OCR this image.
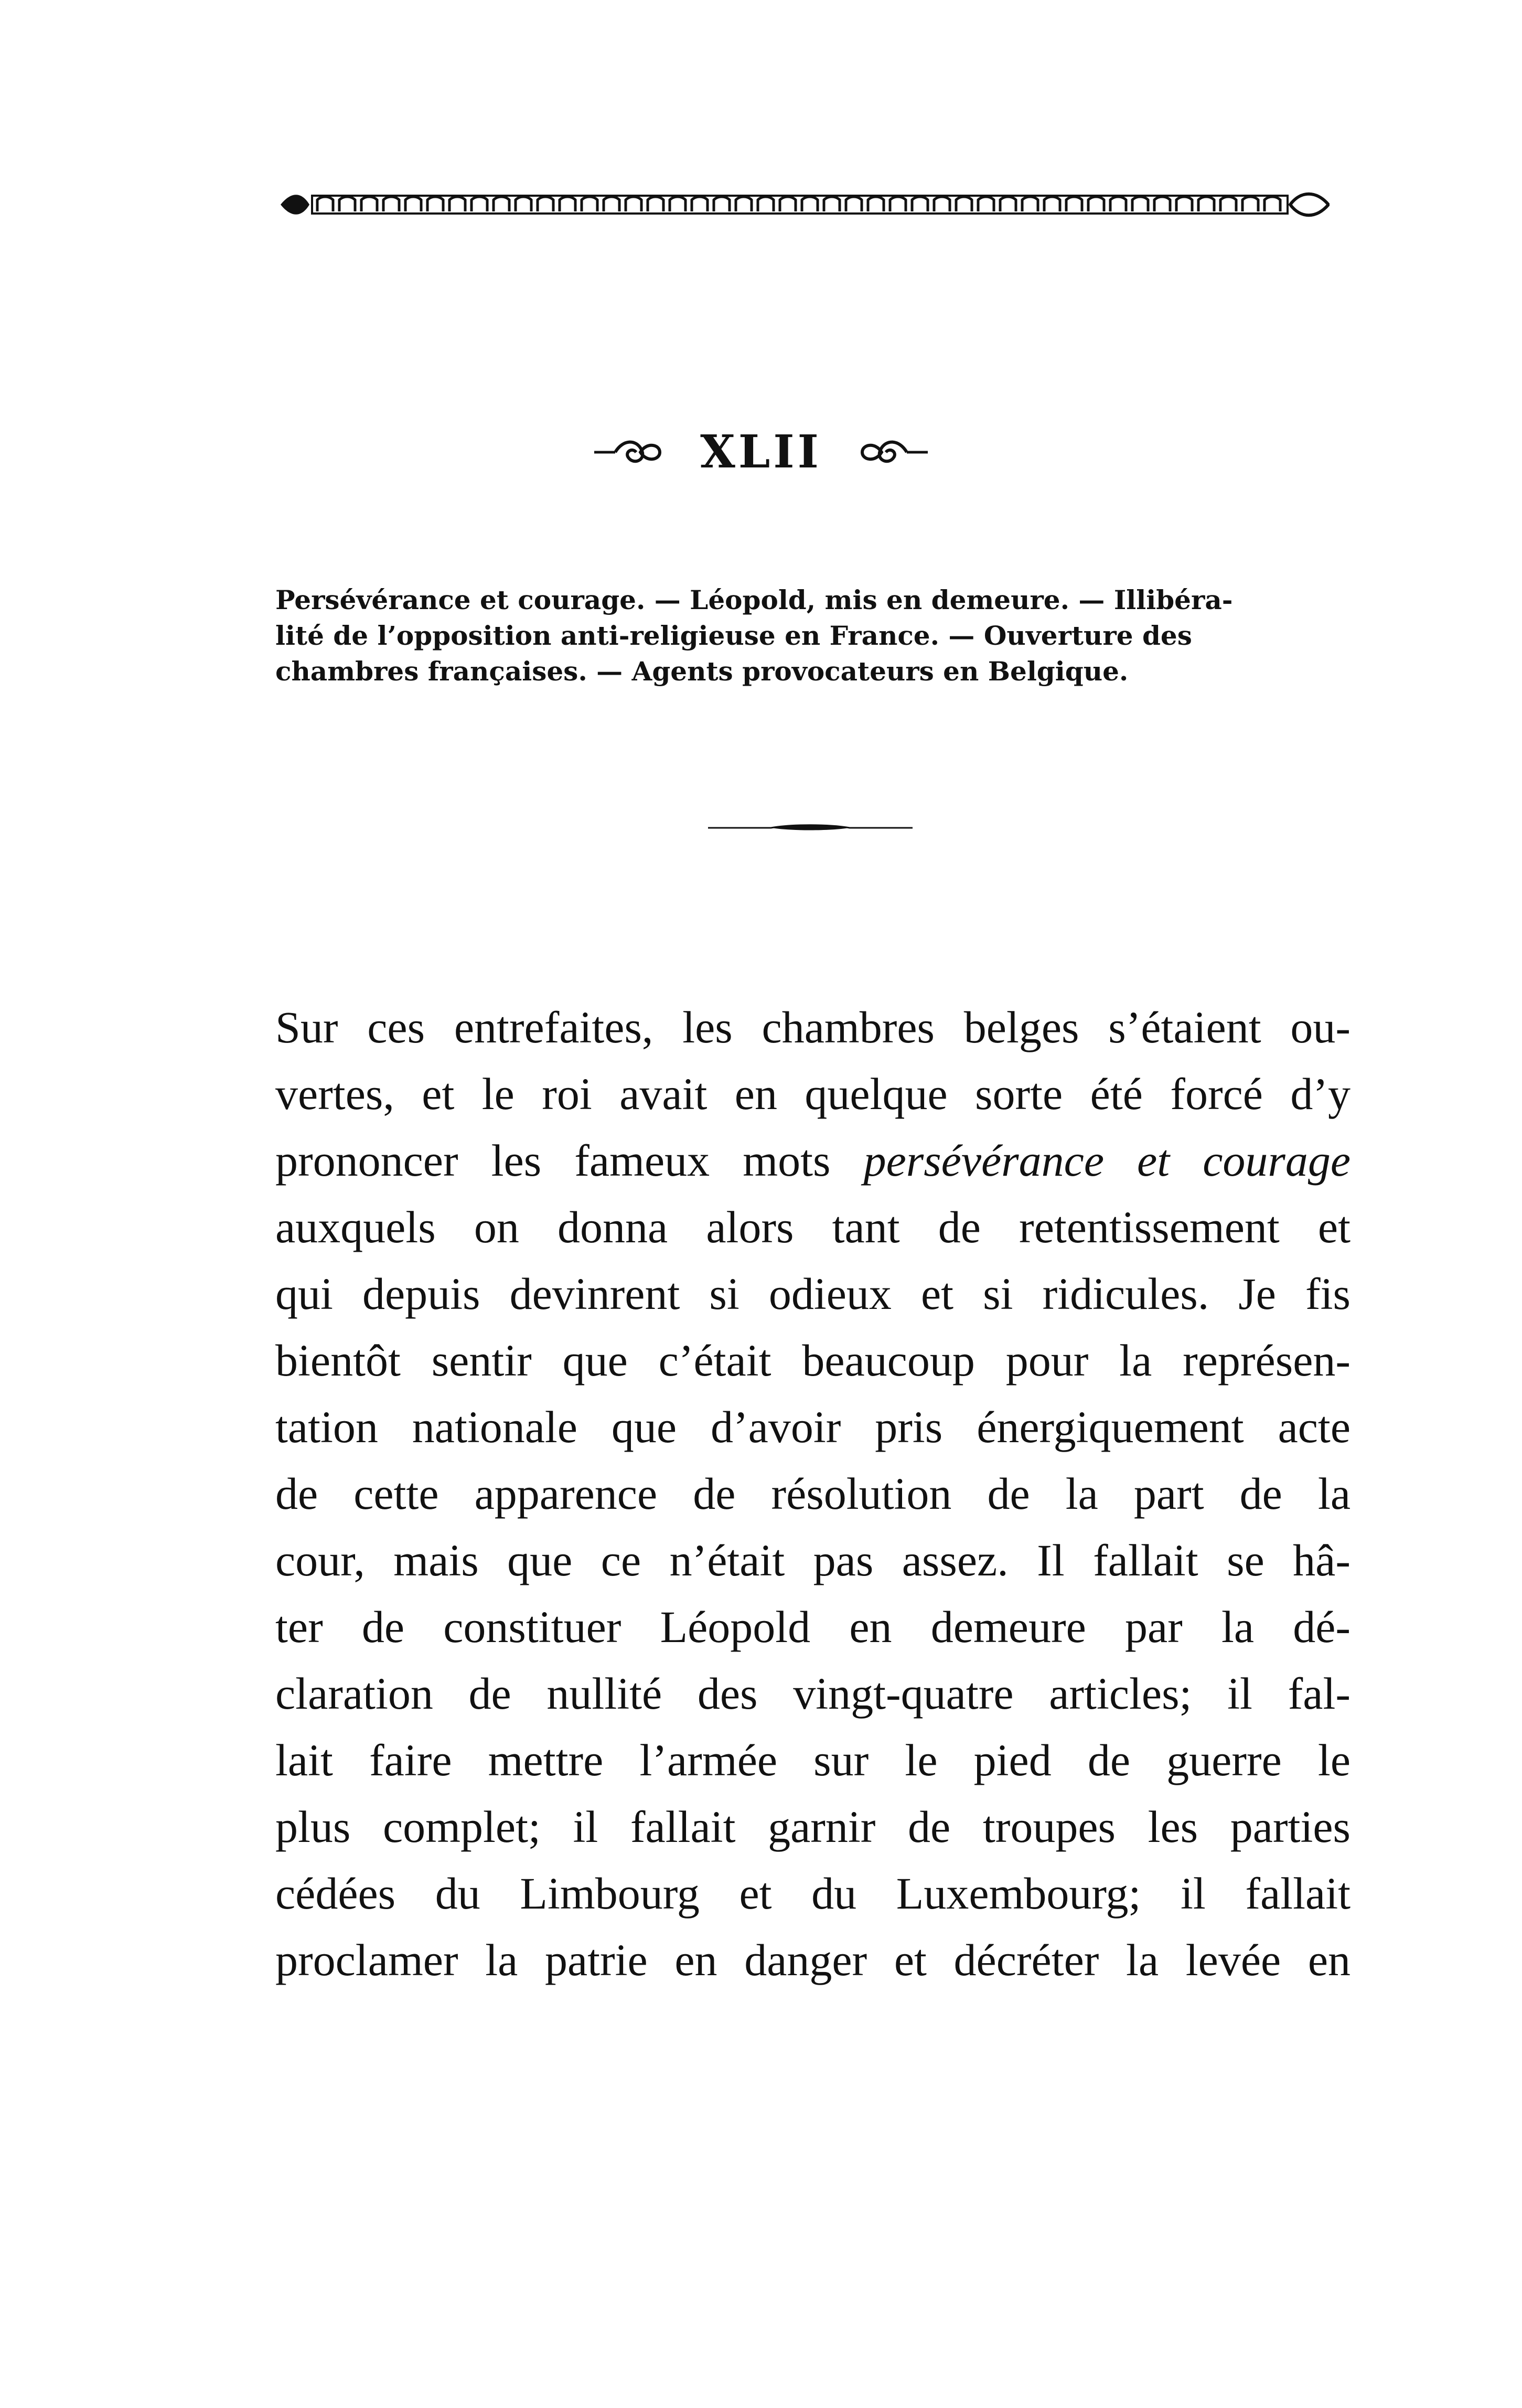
XLII
Persévérance et courage. — Léopold, mis en demeure. — Illibéra-
lité de l’opposition anti-religieuse en France. — Ouverture des
chambres françaises. — Agents provocateurs en Belgique.
Sur ces entrefaites, les chambres belges s’étaient ou-
vertes, et le roi avait en quelque sorte été forcé d’y
prononcer les fameux mots persévérance et courage
auxquels on donna alors tant de retentissement et
qui depuis devinrent si odieux et si ridicules. Je fis
bientôt sentir que c’était beaucoup pour la représen-
tation nationale que d’avoir pris énergiquement acte
de cette apparence de résolution de la part de la
cour, mais que ce n’était pas assez. Il fallait se hâ-
ter de constituer Léopold en demeure par la dé-
claration de nullité des vingt-quatre articles; il fal-
lait faire mettre l’armée sur le pied de guerre le
plus complet; il fallait garnir de troupes les parties
cédées du Limbourg et du Luxembourg; il fallait
proclamer la patrie en danger et décréter la levée en
